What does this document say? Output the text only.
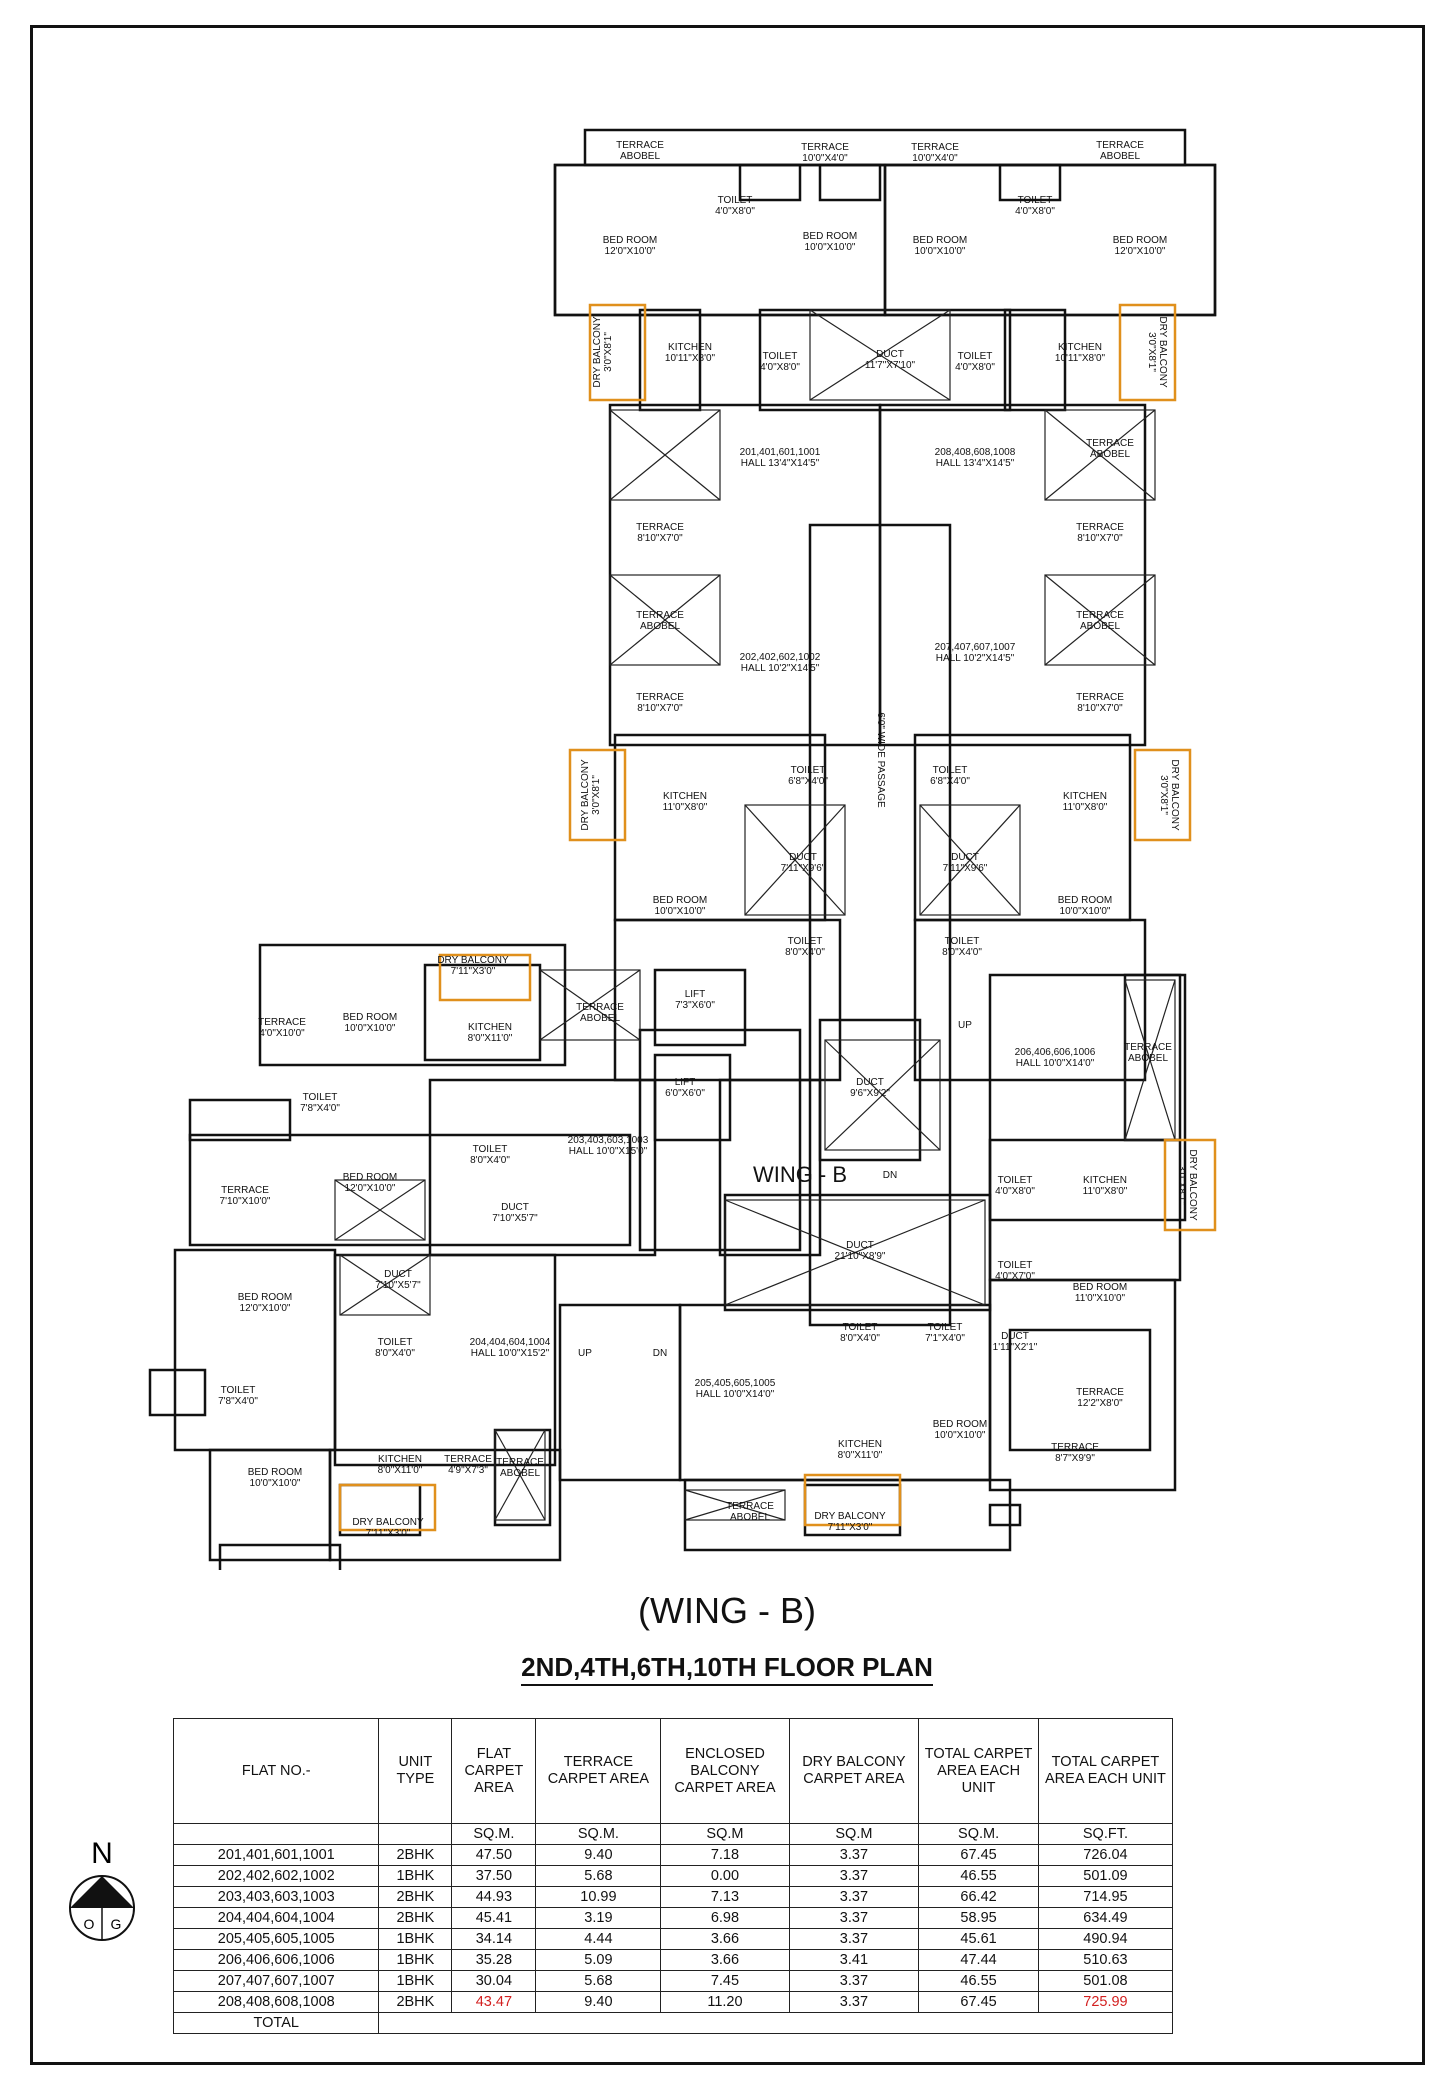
TERRACE
ABOBEL
TERRACE
10'0"X4'0"
TERRACE
10'0"X4'0"
TERRACE
ABOBEL
TOILET
4'0"X8'0"
TOILET
4'0"X8'0"
BED ROOM
12'0"X10'0"
BED ROOM
10'0"X10'0"
BED ROOM
10'0"X10'0"
BED ROOM
12'0"X10'0"
KITCHEN
10'11"X8'0"	TOILET
4'0"X8'0"
DUCT
11'7"X7'10"
TOILET
4'0"X8'0"
KITCHEN
10'11"X8'0"
201,401,601,1001
HALL 13'4"X14'5"
208,408,608,1008
HALL 13'4"X14'5"
TERRACE
ABOBEL
TERRACE
8'10"X7'0"
TERRACE
8'10"X7'0"
202,402,602,1002
HALL 10'2"X14'5"
207,407,607,1007
HALL 10'2"X14'5"
TERRACE
ABOBEL
TERRACE
ABOBEL
TERRACE
8'10"X7'0"
TERRACE
8'10"X7'0"
KITCHEN
11'0"X8'0"
TOILET
6'8"X4'0"
TOILET
6'8"X4'0"
KITCHEN
11'0"X8'0"
DUCT
7'11"X9'6"
DUCT
7'11"X9'6"
BED ROOM
10'0"X10'0"
TOILET
8'0"X4'0"
TOILET
8'0"X4'0"
BED ROOM
10'0"X10'0"
DRY BALCONY
7'11"X3'0"
BED ROOM
10'0"X10'0"	KITCHEN
8'0"X11'0"
TERRACE
ABOBEL
LIFT
7'3"X6'0"
LIFT
6'0"X6'0"
TERRACE
4'0"X10'0"
TOILET
7'8"X4'0"
TOILET
8'0"X4'0"
203,403,603,1003
HALL 10'0"X15'0"
DUCT
9'6"X9'2"
206,406,606,1006
HALL 10'0"X14'0"
TERRACE
ABOBEL
TERRACE
7'10"X10'0"
BED ROOM
12'0"X10'0"
DUCT
7'10"X5'7"
TOILET
4'0"X8'0"
KITCHEN
11'0"X8'0"
DUCT
21'10"X8'9"
TOILET
4'0"X7'0"
BED ROOM
12'0"X10'0"
DUCT
7'10"X5'7"
TOILET
8'0"X4'0"
204,404,604,1004
HALL 10'0"X15'2"
BED ROOM
11'0"X10'0"
TOILET
8'0"X4'0"
TOILET
7'1"X4'0"	DUCT
1'11"X2'1"
TOILET
7'8"X4'0"
205,405,605,1005
HALL 10'0"X14'0"	TERRACE
12'2"X8'0"
BED ROOM
10'0"X10'0"
KITCHEN
8'0"X11'0"
BED ROOM
10'0"X10'0"
TERRACE
8'7"X9'9"
KITCHEN
8'0"X11'0"
TERRACE
4'9"X7'3"
TERRACE
ABOBEL
DRY BALCONY
7'11"X3'0"
TERRACE
ABOBEL	DRY BALCONY
7'11"X3'0"
DRY BALCONY 3'0"X8'1"	DRY BALCONY
3'0"X8'1"
DRY BALCONY 3'0"X8'1"	DRY BALCONY
3'0"X8'1"
DRY BALCONY
3'0"X8'1"
WING - B
6'0" WIDE PASSAGE
UP
DN
UP	DN
(WING - B)
2ND,4TH,6TH,10TH FLOOR PLAN
FLAT NO.-	UNIT TYPE	FLAT CARPET AREA	TERRACE CARPET AREA	ENCLOSED BALCONY CARPET AREA	DRY BALCONY CARPET AREA	TOTAL CARPET AREA EACH UNIT	TOTAL CARPET AREA EACH UNIT
		SQ.M.	SQ.M.	SQ.M	SQ.M	SQ.M.	SQ.FT.
201,401,601,1001	2BHK	47.50	9.40	7.18	3.37	67.45	726.04
202,402,602,1002	1BHK	37.50	5.68	0.00	3.37	46.55	501.09
203,403,603,1003	2BHK	44.93	10.99	7.13	3.37	66.42	714.95
204,404,604,1004	2BHK	45.41	3.19	6.98	3.37	58.95	634.49
205,405,605,1005	1BHK	34.14	4.44	3.66	3.37	45.61	490.94
206,406,606,1006	1BHK	35.28	5.09	3.66	3.41	47.44	510.63
207,407,607,1007	1BHK	30.04	5.68	7.45	3.37	46.55	501.08
208,408,608,1008	2BHK	43.47	9.40	11.20	3.37	67.45	725.99
TOTAL							
N
O G
